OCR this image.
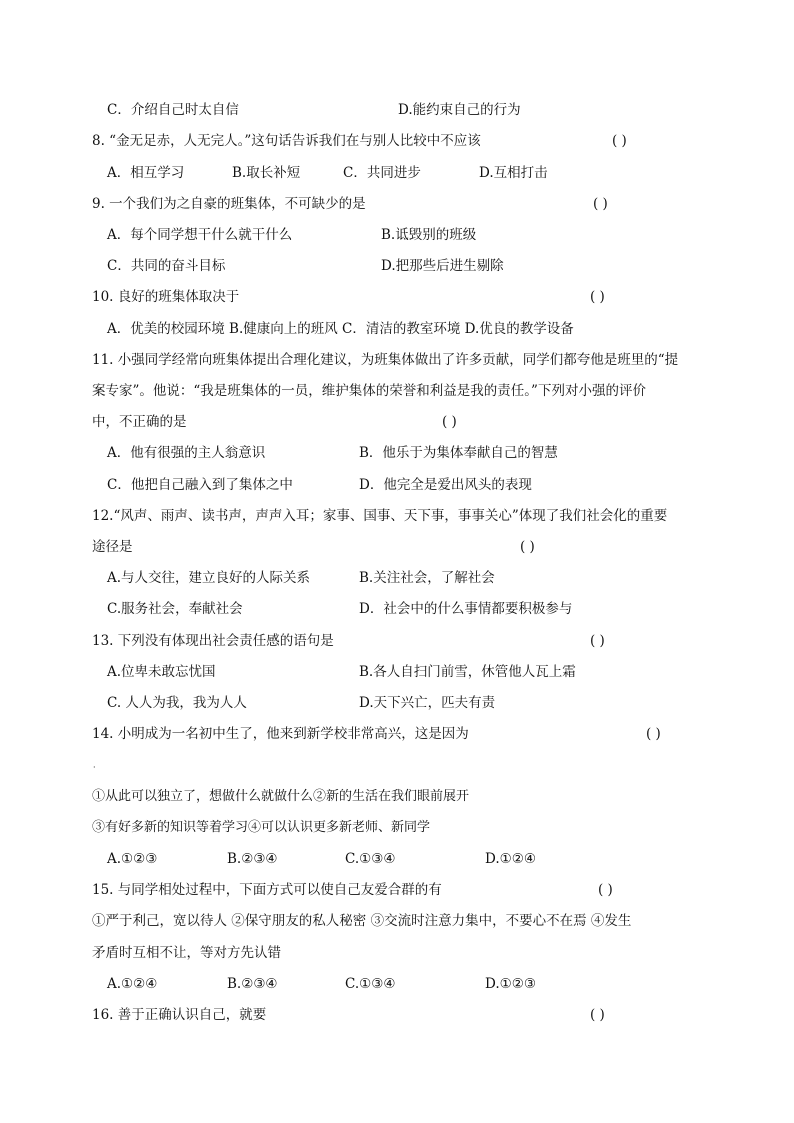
C．介绍自己时太自信	D.能约束自己的行为
8. “金无足赤，人无完人。”这句话告诉我们在与别人比较中不应该	( )
A．相互学习	B.取长补短	C．共同进步	D.互相打击
9. 一个我们为之自豪的班集体，不可缺少的是	( )
A．每个同学想干什么就干什么	B.诋毁别的班级
C．共同的奋斗目标	D.把那些后进生剔除
10. 良好的班集体取决于	( )
A．优美的校园环境 B.健康向上的班风 C．清洁的教室环境 D.优良的教学设备
11. 小强同学经常向班集体提出合理化建议，为班集体做出了许多贡献，同学们都夸他是班里的“提
案专家”。他说：“我是班集体的一员，维护集体的荣誉和利益是我的责任。”下列对小强的评价
中，不正确的是	( )
A．他有很强的主人翁意识	B．他乐于为集体奉献自己的智慧
C．他把自己融入到了集体之中	D．他完全是爱出风头的表现
12.“风声、雨声、读书声，声声入耳；家事、国事、天下事，事事关心”体现了我们社会化的重要
途径是	( )
A.与人交往，建立良好的人际关系	B.关注社会，了解社会
C.服务社会，奉献社会	D．社会中的什么事情都要积极参与
13. 下列没有体现出社会责任感的语句是	( )
A.位卑未敢忘忧国	B.各人自扫门前雪，休管他人瓦上霜
C. 人人为我，我为人人	D.天下兴亡，匹夫有责
14. 小明成为一名初中生了，他来到新学校非常高兴，这是因为	( )
·
①从此可以独立了，想做什么就做什么②新的生活在我们眼前展开
③有好多新的知识等着学习④可以认识更多新老师、新同学
A.①②③	B.②③④	C.①③④	D.①②④
15. 与同学相处过程中，下面方式可以使自己友爱合群的有	( )
①严于利己，宽以待人 ②保守朋友的私人秘密 ③交流时注意力集中，不要心不在焉 ④发生
矛盾时互相不让，等对方先认错
A.①②④	B.②③④	C.①③④	D.①②③
16. 善于正确认识自己，就要	( )
